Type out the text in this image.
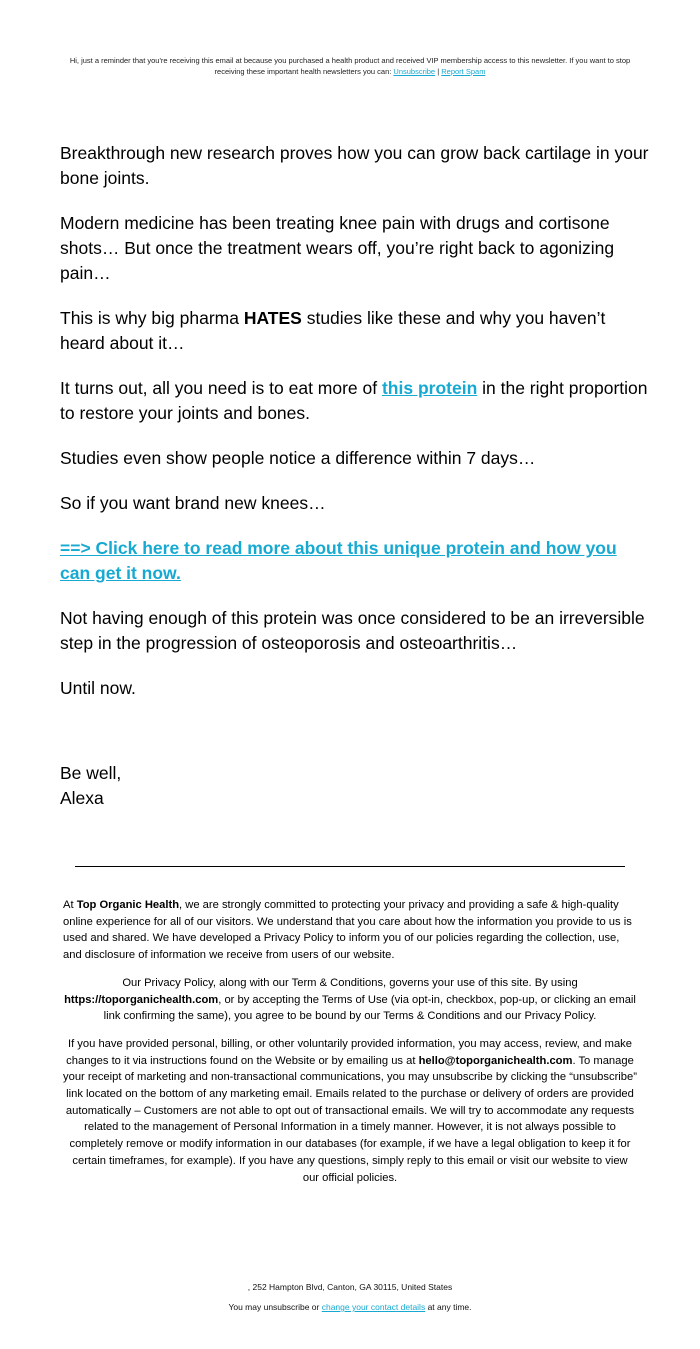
Hi, just a reminder that you're receiving this email at because you purchased a health product and received VIP membership access to this newsletter. If you want to stop receiving these important health newsletters you can: Unsubscribe | Report Spam

Breakthrough new research proves how you can grow back cartilage in your bone joints.

Modern medicine has been treating knee pain with drugs and cortisone shots… But once the treatment wears off, you’re right back to agonizing pain…

This is why big pharma HATES studies like these and why you haven’t heard about it…

It turns out, all you need is to eat more of this protein in the right proportion to restore your joints and bones.

Studies even show people notice a difference within 7 days…

So if you want brand new knees…

==> Click here to read more about this unique protein and how you can get it now.

Not having enough of this protein was once considered to be an irreversible step in the progression of osteoporosis and osteoarthritis…

Until now.

Be well,
Alexa

At Top Organic Health, we are strongly committed to protecting your privacy and providing a safe & high-quality online experience for all of our visitors. We understand that you care about how the information you provide to us is used and shared. We have developed a Privacy Policy to inform you of our policies regarding the collection, use, and disclosure of information we receive from users of our website.

Our Privacy Policy, along with our Term & Conditions, governs your use of this site. By using https://toporganichealth.com, or by accepting the Terms of Use (via opt-in, checkbox, pop-up, or clicking an email link confirming the same), you agree to be bound by our Terms & Conditions and our Privacy Policy.

If you have provided personal, billing, or other voluntarily provided information, you may access, review, and make changes to it via instructions found on the Website or by emailing us at hello@toporganichealth.com. To manage your receipt of marketing and non-transactional communications, you may unsubscribe by clicking the “unsubscribe” link located on the bottom of any marketing email. Emails related to the purchase or delivery of orders are provided automatically – Customers are not able to opt out of transactional emails. We will try to accommodate any requests related to the management of Personal Information in a timely manner. However, it is not always possible to completely remove or modify information in our databases (for example, if we have a legal obligation to keep it for certain timeframes, for example). If you have any questions, simply reply to this email or visit our website to view our official policies.

, 252 Hampton Blvd, Canton, GA 30115, United States
You may unsubscribe or change your contact details at any time.
